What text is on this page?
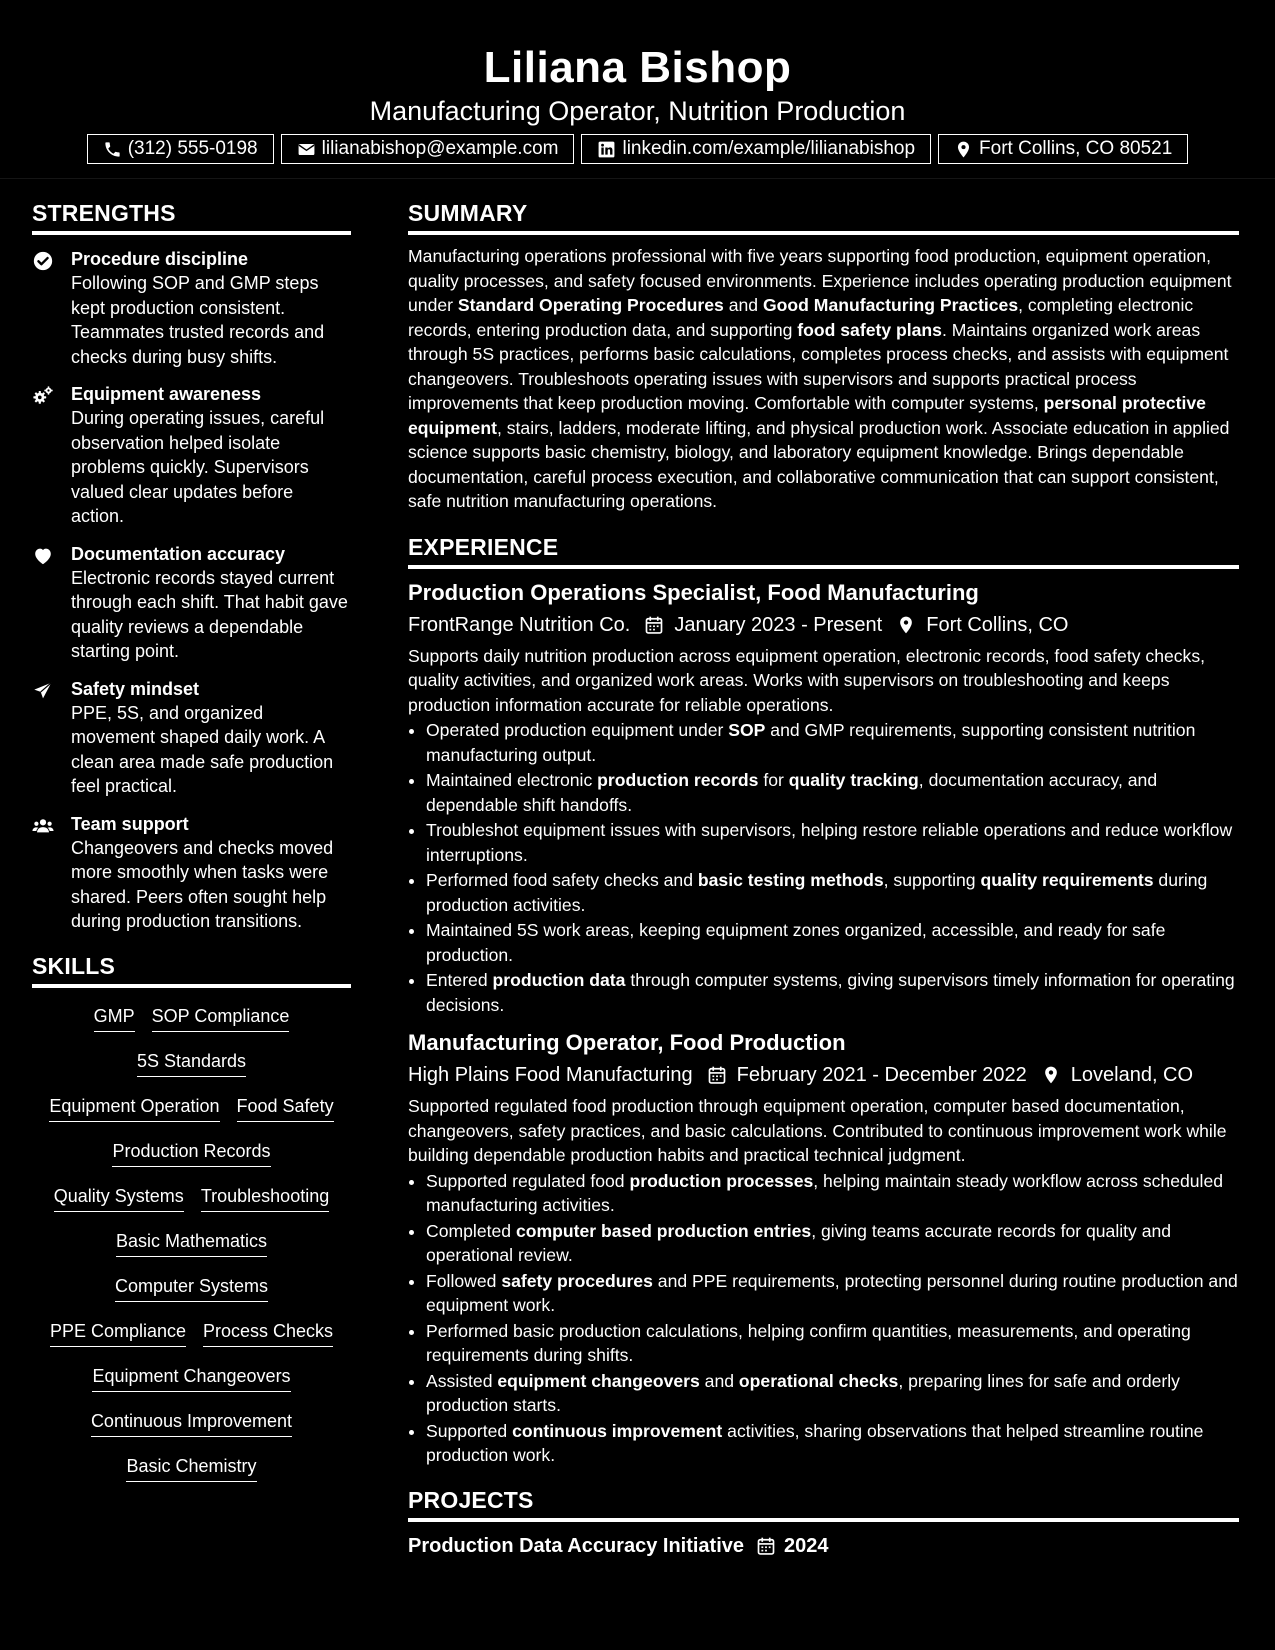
Liliana Bishop
Manufacturing Operator, Nutrition Production
(312) 555-0198	lilianabishop@example.com	linkedin.com/example/lilianabishop	Fort Collins, CO 80521
STRENGTHS
Procedure discipline
Following SOP and GMP steps kept production consistent. Teammates trusted records and checks during busy shifts.
Equipment awareness
During operating issues, careful observation helped isolate problems quickly. Supervisors valued clear updates before action.
Documentation accuracy
Electronic records stayed current through each shift. That habit gave quality reviews a dependable starting point.
Safety mindset
PPE, 5S, and organized movement shaped daily work. A clean area made safe production feel practical.
Team support
Changeovers and checks moved more smoothly when tasks were shared. Peers often sought help during production transitions.
SKILLS
GMP SOP Compliance
5S Standards
Equipment Operation Food Safety
Production Records
Quality Systems Troubleshooting
Basic Mathematics
Computer Systems
PPE Compliance Process Checks
Equipment Changeovers
Continuous Improvement
Basic Chemistry
SUMMARY

Manufacturing operations professional with five years supporting food production, equipment operation, quality processes, and safety focused environments. Experience includes operating production equipment under Standard Operating Procedures and Good Manufacturing Practices, completing electronic records, entering production data, and supporting food safety plans. Maintains organized work areas through 5S practices, performs basic calculations, completes process checks, and assists with equipment changeovers. Troubleshoots operating issues with supervisors and supports practical process improvements that keep production moving. Comfortable with computer systems, personal protective equipment, stairs, ladders, moderate lifting, and physical production work. Associate education in applied science supports basic chemistry, biology, and laboratory equipment knowledge. Brings dependable documentation, careful process execution, and collaborative communication that can support consistent, safe nutrition manufacturing operations.

EXPERIENCE
Production Operations Specialist, Food Manufacturing
FrontRange Nutrition Co. January 2023 - Present Fort Collins, CO

Supports daily nutrition production across equipment operation, electronic records, food safety checks, quality activities, and organized work areas. Works with supervisors on troubleshooting and keeps production information accurate for reliable operations.

• Operated production equipment under SOP and GMP requirements, supporting consistent nutrition manufacturing output.
• Maintained electronic production records for quality tracking, documentation accuracy, and dependable shift handoffs.
• Troubleshot equipment issues with supervisors, helping restore reliable operations and reduce workflow interruptions.
• Performed food safety checks and basic testing methods, supporting quality requirements during production activities.
• Maintained 5S work areas, keeping equipment zones organized, accessible, and ready for safe production.
• Entered production data through computer systems, giving supervisors timely information for operating decisions.
Manufacturing Operator, Food Production
High Plains Food Manufacturing February 2021 - December 2022 Loveland, CO

Supported regulated food production through equipment operation, computer based documentation, changeovers, safety practices, and basic calculations. Contributed to continuous improvement work while building dependable production habits and practical technical judgment.

• Supported regulated food production processes, helping maintain steady workflow across scheduled manufacturing activities.
• Completed computer based production entries, giving teams accurate records for quality and operational review.
• Followed safety procedures and PPE requirements, protecting personnel during routine production and equipment work.
• Performed basic production calculations, helping confirm quantities, measurements, and operating requirements during shifts.
• Assisted equipment changeovers and operational checks, preparing lines for safe and orderly production starts.
• Supported continuous improvement activities, sharing observations that helped streamline routine production work.
PROJECTS
Production Data Accuracy Initiative 2024
